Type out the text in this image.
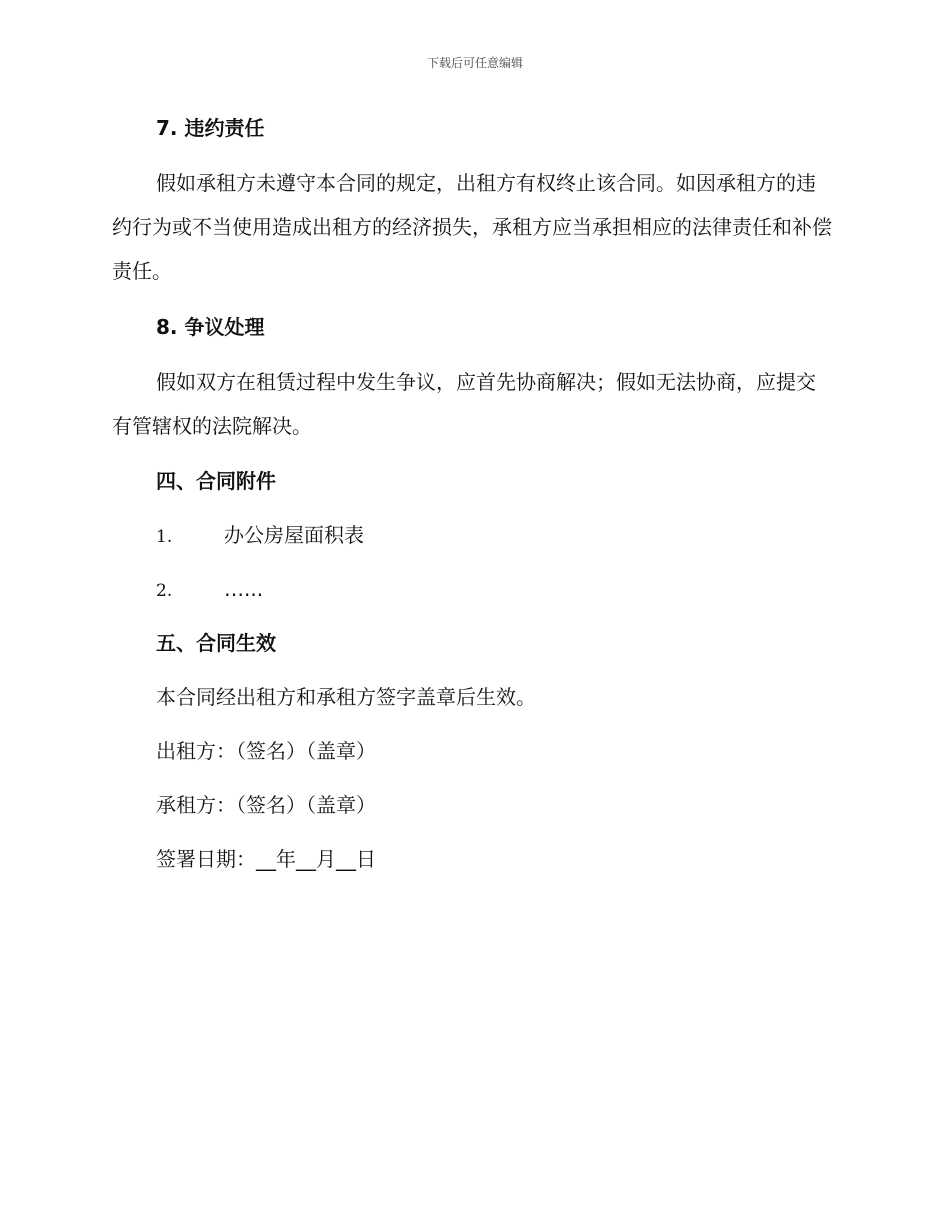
下载后可任意编辑
7. 违约责任

假如承租方未遵守本合同的规定，出租方有权终止该合同。如因承租方的违约行为或不当使用造成出租方的经济损失，承租方应当承担相应的法律责任和补偿责任。

8. 争议处理

假如双方在租赁过程中发生争议，应首先协商解决；假如无法协商，应提交有管辖权的法院解决。

四、合同附件
1.	办公房屋面积表
2.	…...
五、合同生效
本合同经出租方和承租方签字盖章后生效。
出租方：（签名）（盖章）
承租方：（签名）（盖章）
签署日期：__年__月__日
